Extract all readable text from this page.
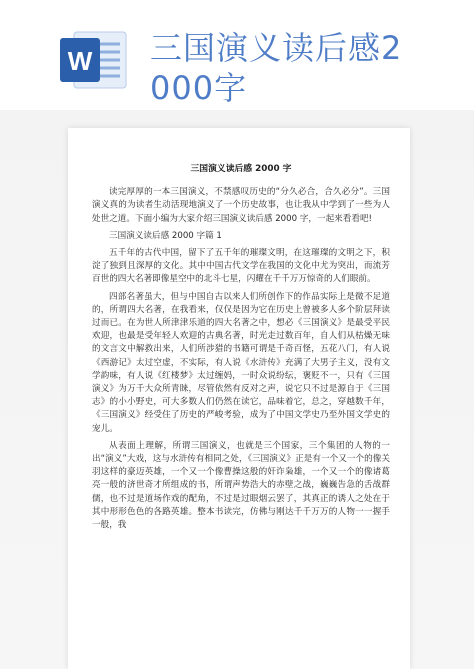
W 三国演义读后感2
000字
三国演义读后感 2000 字

读完厚厚的一本三国演义，不禁感叹历史的“分久必合，合久必分”。三国演义真的为读者生动活现地演义了一个历史故事，也让我从中学到了一些为人处世之道。下面小编为大家介绍三国演义读后感 2000 字，一起来看看吧!

三国演义读后感 2000 字篇 1

五千年的古代中国，留下了五千年的璀璨文明，在这璀璨的文明之下，积淀了独到且深厚的文化。其中中国古代文学在我国的文化中尤为突出，而流芳百世的四大名著即像星空中的北斗七星，闪耀在千千万万惊奇的人们眼前。

四部名著虽大，但与中国自古以来人们所创作下的作品实际上是微不足道的，所谓四大名著，在我看来，仅仅是因为它在历史上曾被多人多个阶层拜读过而已。在为世人所津津乐道的四大名著之中，想必《三国演义》是最受平民欢迎，也最是受年轻人欢迎的古典名著，时光走过数百年，自人们从枯燥无味的文言文中解救出来，人们所涉猎的书籍可谓是千奇百怪，五花八门，有人说《西游记》太过空虚，不实际，有人说《水浒传》充满了大男子主义，没有文学韵味，有人说《红楼梦》太过缠妈，一时众说纷纭，褒贬不一，只有《三国演义》为万千大众所青睐，尽管依然有反对之声，说它只不过是源自于《三国志》的小小野史，可大多数人们仍然在读它，品味着它，总之，穿越数千年，《三国演义》经受住了历史的严峻考验，成为了中国文学史乃至外国文学史的宠儿。

从表面上理解，所谓三国演义，也就是三个国家，三个集团的人物的一出“演义”大戏，这与水浒传有相同之处，《三国演义》正是有一个又一个的像关羽这样的豪迈英雄，一个又一个像曹操这般的奸诈枭雄，一个又一个的像诸葛亮一般的济世奇才所组成的书，所谓声势浩大的赤壁之战，巍巍告急的舌战群儒，也不过是道场作戏的配角，不过是过眼烟云罢了，其真正的诱人之处在于其中形形色色的各路英雄。整本书读完，仿佛与刚达千千万万的人物一一握手一般，我
